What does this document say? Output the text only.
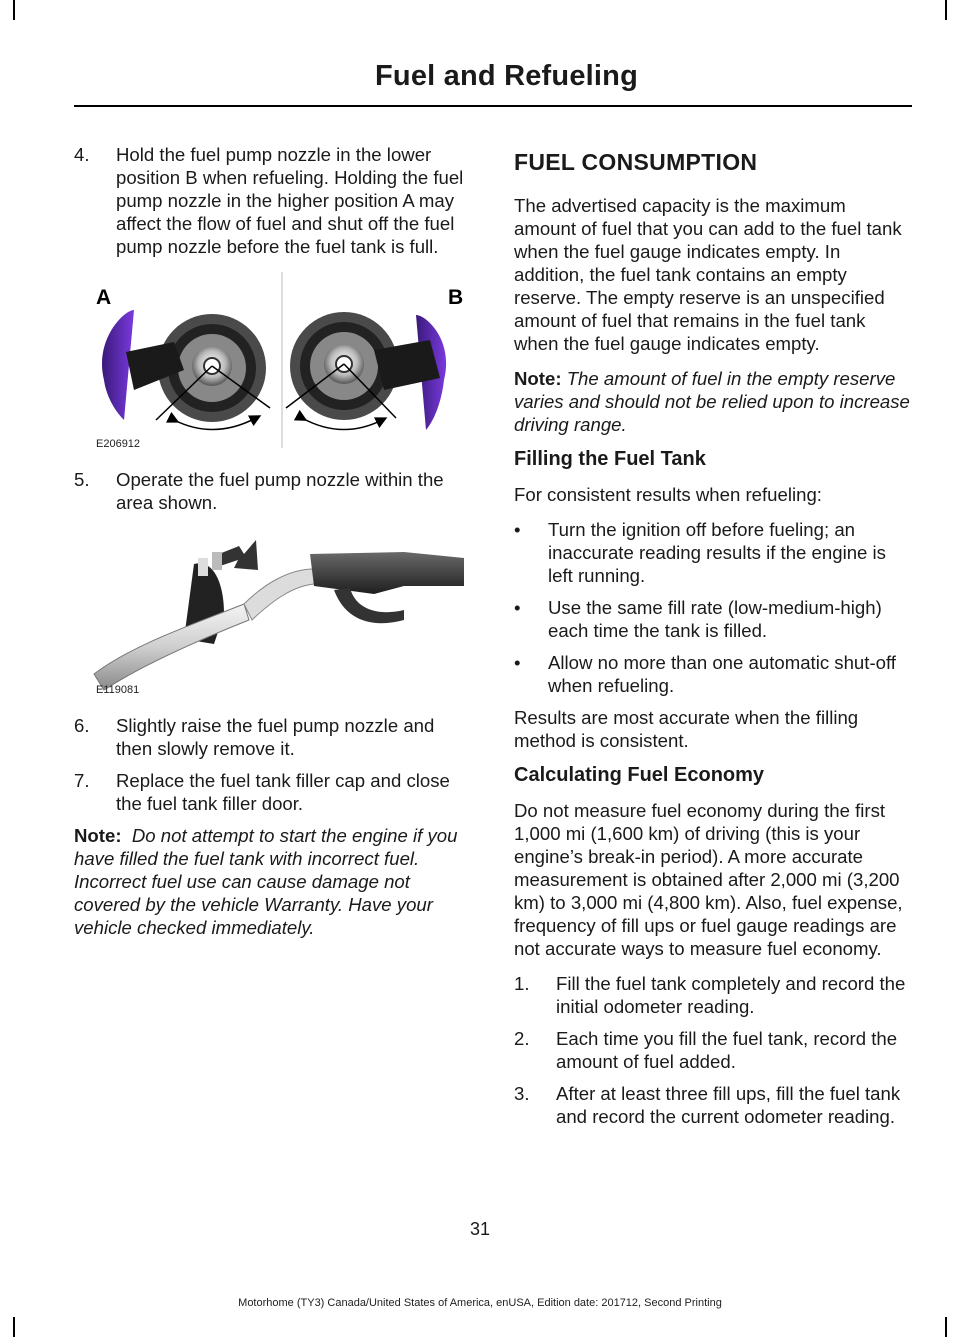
Fuel and Refueling
4. Hold the fuel pump nozzle in the lower position B when refueling. Holding the fuel pump nozzle in the higher position A may affect the flow of fuel and shut off the fuel pump nozzle before the fuel tank is full.
A	B
E206912
5. Operate the fuel pump nozzle within the area shown.
E119081
6. Slightly raise the fuel pump nozzle and then slowly remove it.
7. Replace the fuel tank filler cap and close the fuel tank filler door.

Note: Do not attempt to start the engine if you have filled the fuel tank with incorrect fuel. Incorrect fuel use can cause damage not covered by the vehicle Warranty. Have your vehicle checked immediately.

FUEL CONSUMPTION

The advertised capacity is the maximum amount of fuel that you can add to the fuel tank when the fuel gauge indicates empty. In addition, the fuel tank contains an empty reserve. The empty reserve is an unspecified amount of fuel that remains in the fuel tank when the fuel gauge indicates empty.

Note: The amount of fuel in the empty reserve varies and should not be relied upon to increase driving range.

Filling the Fuel Tank

For consistent results when refueling:

• Turn the ignition off before fueling; an inaccurate reading results if the engine is left running.
• Use the same fill rate (low-medium-high) each time the tank is filled.
• Allow no more than one automatic shut-off when refueling.

Results are most accurate when the filling method is consistent.

Calculating Fuel Economy

Do not measure fuel economy during the first 1,000 mi (1,600 km) of driving (this is your engine’s break-in period). A more accurate measurement is obtained after 2,000 mi (3,200 km) to 3,000 mi (4,800 km). Also, fuel expense, frequency of fill ups or fuel gauge readings are not accurate ways to measure fuel economy.

1. Fill the fuel tank completely and record the initial odometer reading.
2. Each time you fill the fuel tank, record the amount of fuel added.
3. After at least three fill ups, fill the fuel tank and record the current odometer reading.
31
Motorhome (TY3) Canada/United States of America, enUSA, Edition date: 201712, Second Printing
